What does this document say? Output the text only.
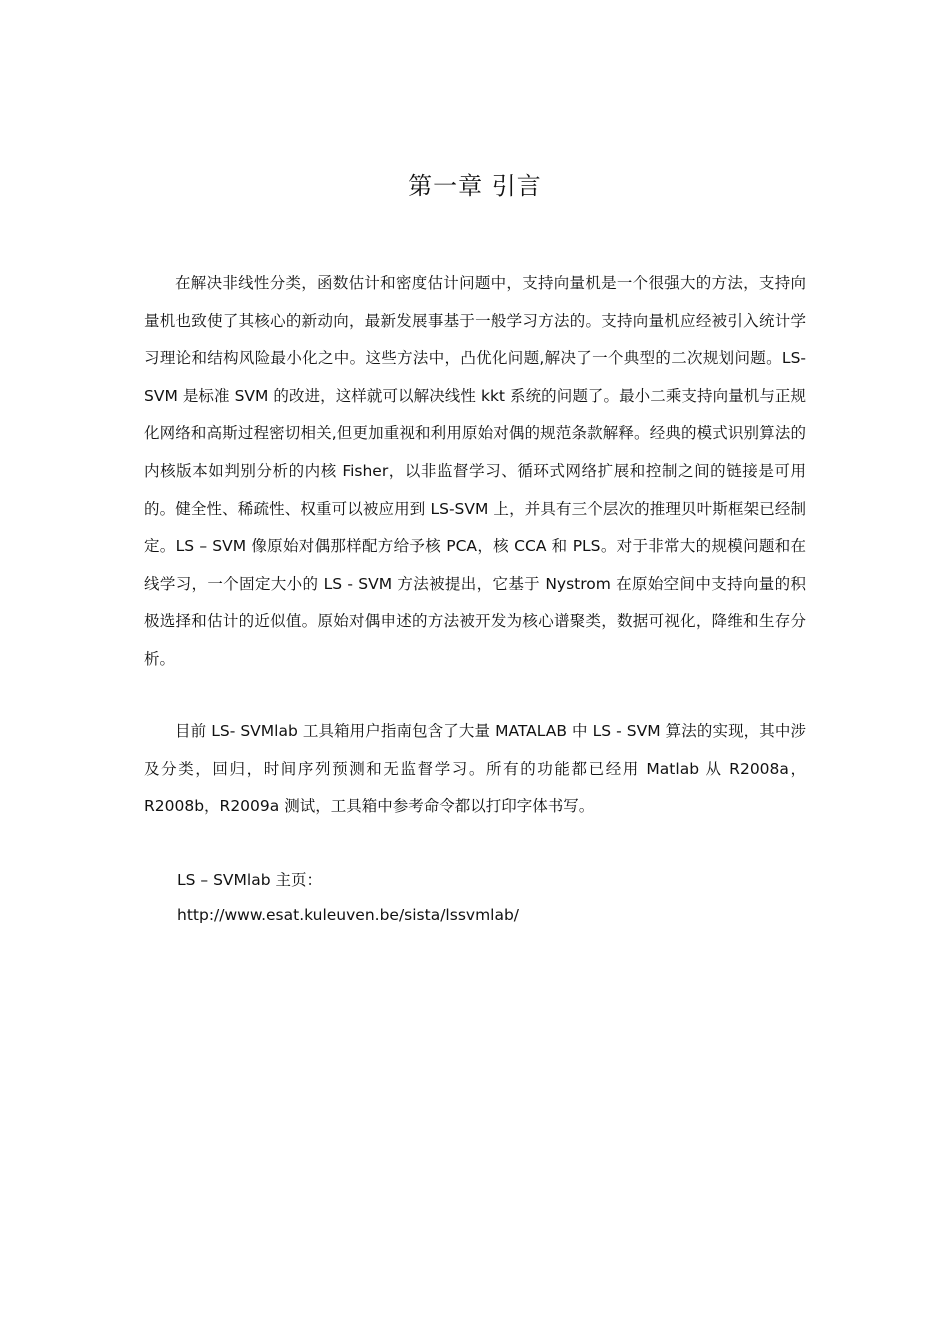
第一章 引言

在解决非线性分类，函数估计和密度估计问题中，支持向量机是一个很强大的方法，支持向量机也致使了其核心的新动向，最新发展事基于一般学习方法的。支持向量机应经被引入统计学习理论和结构风险最小化之中。这些方法中，凸优化问题,解决了一个典型的二次规划问题。LS-SVM 是标准 SVM 的改进，这样就可以解决线性 kkt 系统的问题了。最小二乘支持向量机与正规化网络和高斯过程密切相关,但更加重视和利用原始对偶的规范条款解释。经典的模式识别算法的内核版本如判别分析的内核 Fisher，以非监督学习、循环式网络扩展和控制之间的链接是可用的。健全性、稀疏性、权重可以被应用到 LS-SVM 上，并具有三个层次的推理贝叶斯框架已经制定。LS – SVM 像原始对偶那样配方给予核 PCA，核 CCA 和 PLS。对于非常大的规模问题和在线学习，一个固定大小的 LS - SVM 方法被提出，它基于 Nystrom 在原始空间中支持向量的积极选择和估计的近似值。原始对偶申述的方法被开发为核心谱聚类，数据可视化，降维和生存分析。

目前 LS- SVMlab 工具箱用户指南包含了大量 MATALAB 中 LS - SVM 算法的实现，其中涉及分类，回归，时间序列预测和无监督学习。所有的功能都已经用 Matlab 从 R2008a，R2008b，R2009a 测试，工具箱中参考命令都以打印字体书写。

LS – SVMlab 主页：
http://www.esat.kuleuven.be/sista/lssvmlab/
